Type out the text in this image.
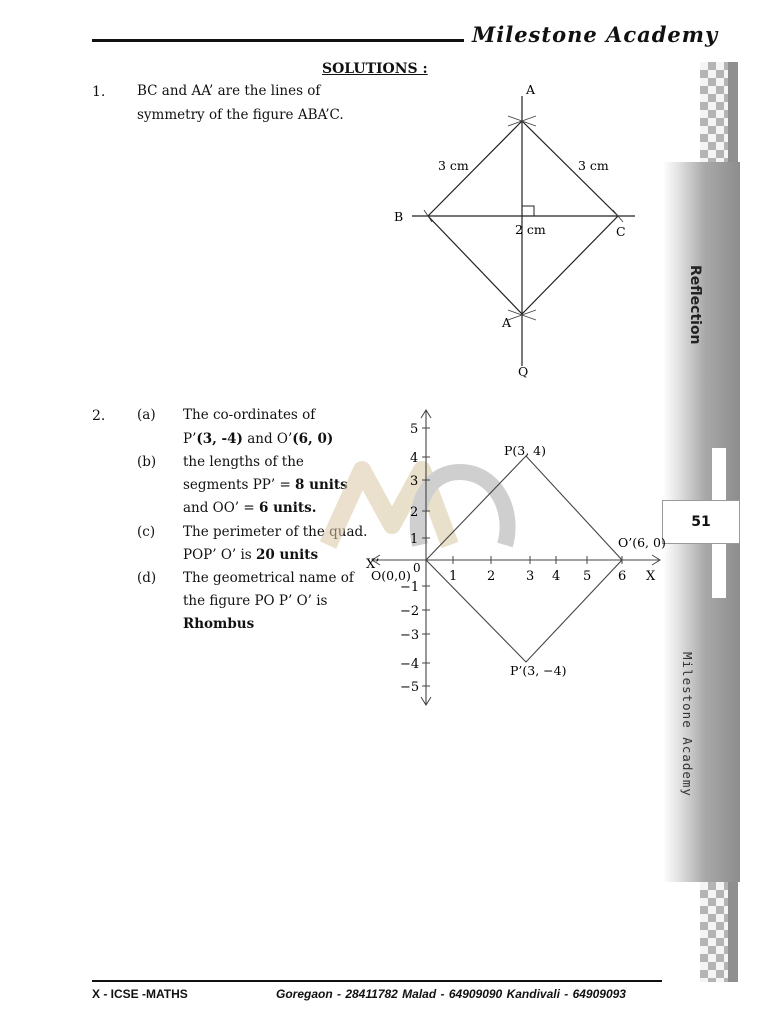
Milestone Academy
Reflection
51
Milestone Academy
SOLUTIONS :
1. BC and AA’ are the lines of
symmetry of the figure ABA’C.
A
B
C
A
Q
3 cm	3 cm
2 cm
2. (a) The co-ordinates of
P’(3, -4) and O’(6, 0)
(b) the lengths of the
segments PP’ = 8 units
and OO’ = 6 units.
(c) The perimeter of the quad.
POP’ O’ is 20 units
(d) The geometrical name of
the figure PO P’ O’ is
Rhombus
1 2 3 4 5 6
5
4
3
2
1
−1
−2
−3
−4
−5
X
X’	0
O(0,0)
P(3, 4)
O’(6, 0)
P’(3, −4)
X - ICSE -MATHS	Goregaon - 28411782 Malad - 64909090 Kandivali - 64909093
